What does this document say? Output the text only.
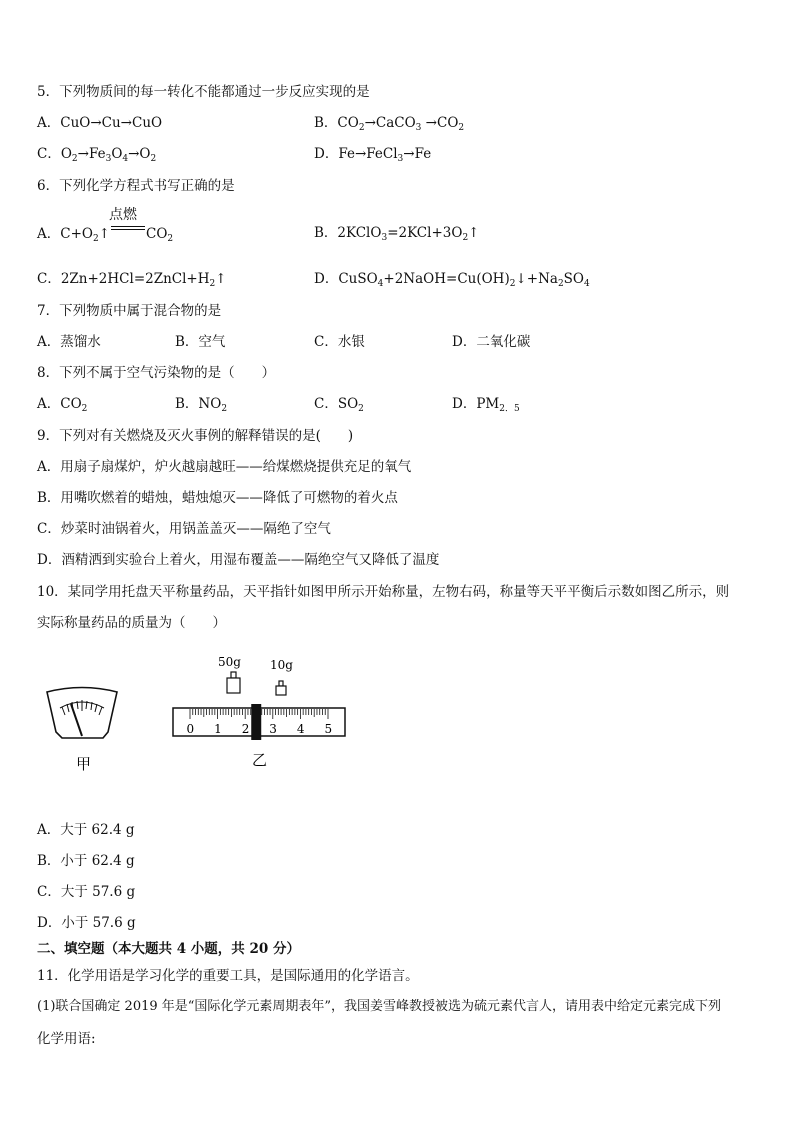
5．下列物质间的每一转化不能都通过一步反应实现的是
A．CuO→Cu→CuO	B．$CO_2\to CaCO_3 \to CO_2$
C．$O_2\to Fe_3O_4\to O_2$	D．Fe→FeCl$_3$→Fe
6．下列化学方程式书写正确的是
A．$C+O_2↑$
点燃
$CO_2$	B．$2KClO_3=2KCl+3O_2↑$
C．$2Zn+2HCl=2ZnCl+H_2↑$	D．$CuSO_4+2NaOH=Cu(OH)_2↓+Na_2SO_4$
7．下列物质中属于混合物的是
A．蒸馏水	B．空气	C．水银	D．二氧化碳
8．下列不属于空气污染物的是（　　）
A．$CO_2$	B．$NO_2$	C．$SO_2$	D．$PM_{2.5}$
9．下列对有关燃烧及灭火事例的解释错误的是(　　)
A．用扇子扇煤炉，炉火越扇越旺——给煤燃烧提供充足的氧气
B．用嘴吹燃着的蜡烛，蜡烛熄灭——降低了可燃物的着火点
C．炒菜时油锅着火，用锅盖盖灭——隔绝了空气
D．酒精洒到实验台上着火，用湿布覆盖——隔绝空气又降低了温度
10．某同学用托盘天平称量药品，天平指针如图甲所示开始称量，左物右码，称量等天平平衡后示数如图乙所示，则
实际称量药品的质量为（　　）
甲
50g 10g
0 1 2 3 4 5
乙
A．大于 62.4 g
B．小于 62.4 g
C．大于 57.6 g
D．小于 57.6 g
二、填空题（本大题共 4 小题，共 20 分）
11．化学用语是学习化学的重要工具，是国际通用的化学语言。
(1)联合国确定 2019 年是“国际化学元素周期表年”，我国姜雪峰教授被选为硫元素代言人，请用表中给定元素完成下列
化学用语:
